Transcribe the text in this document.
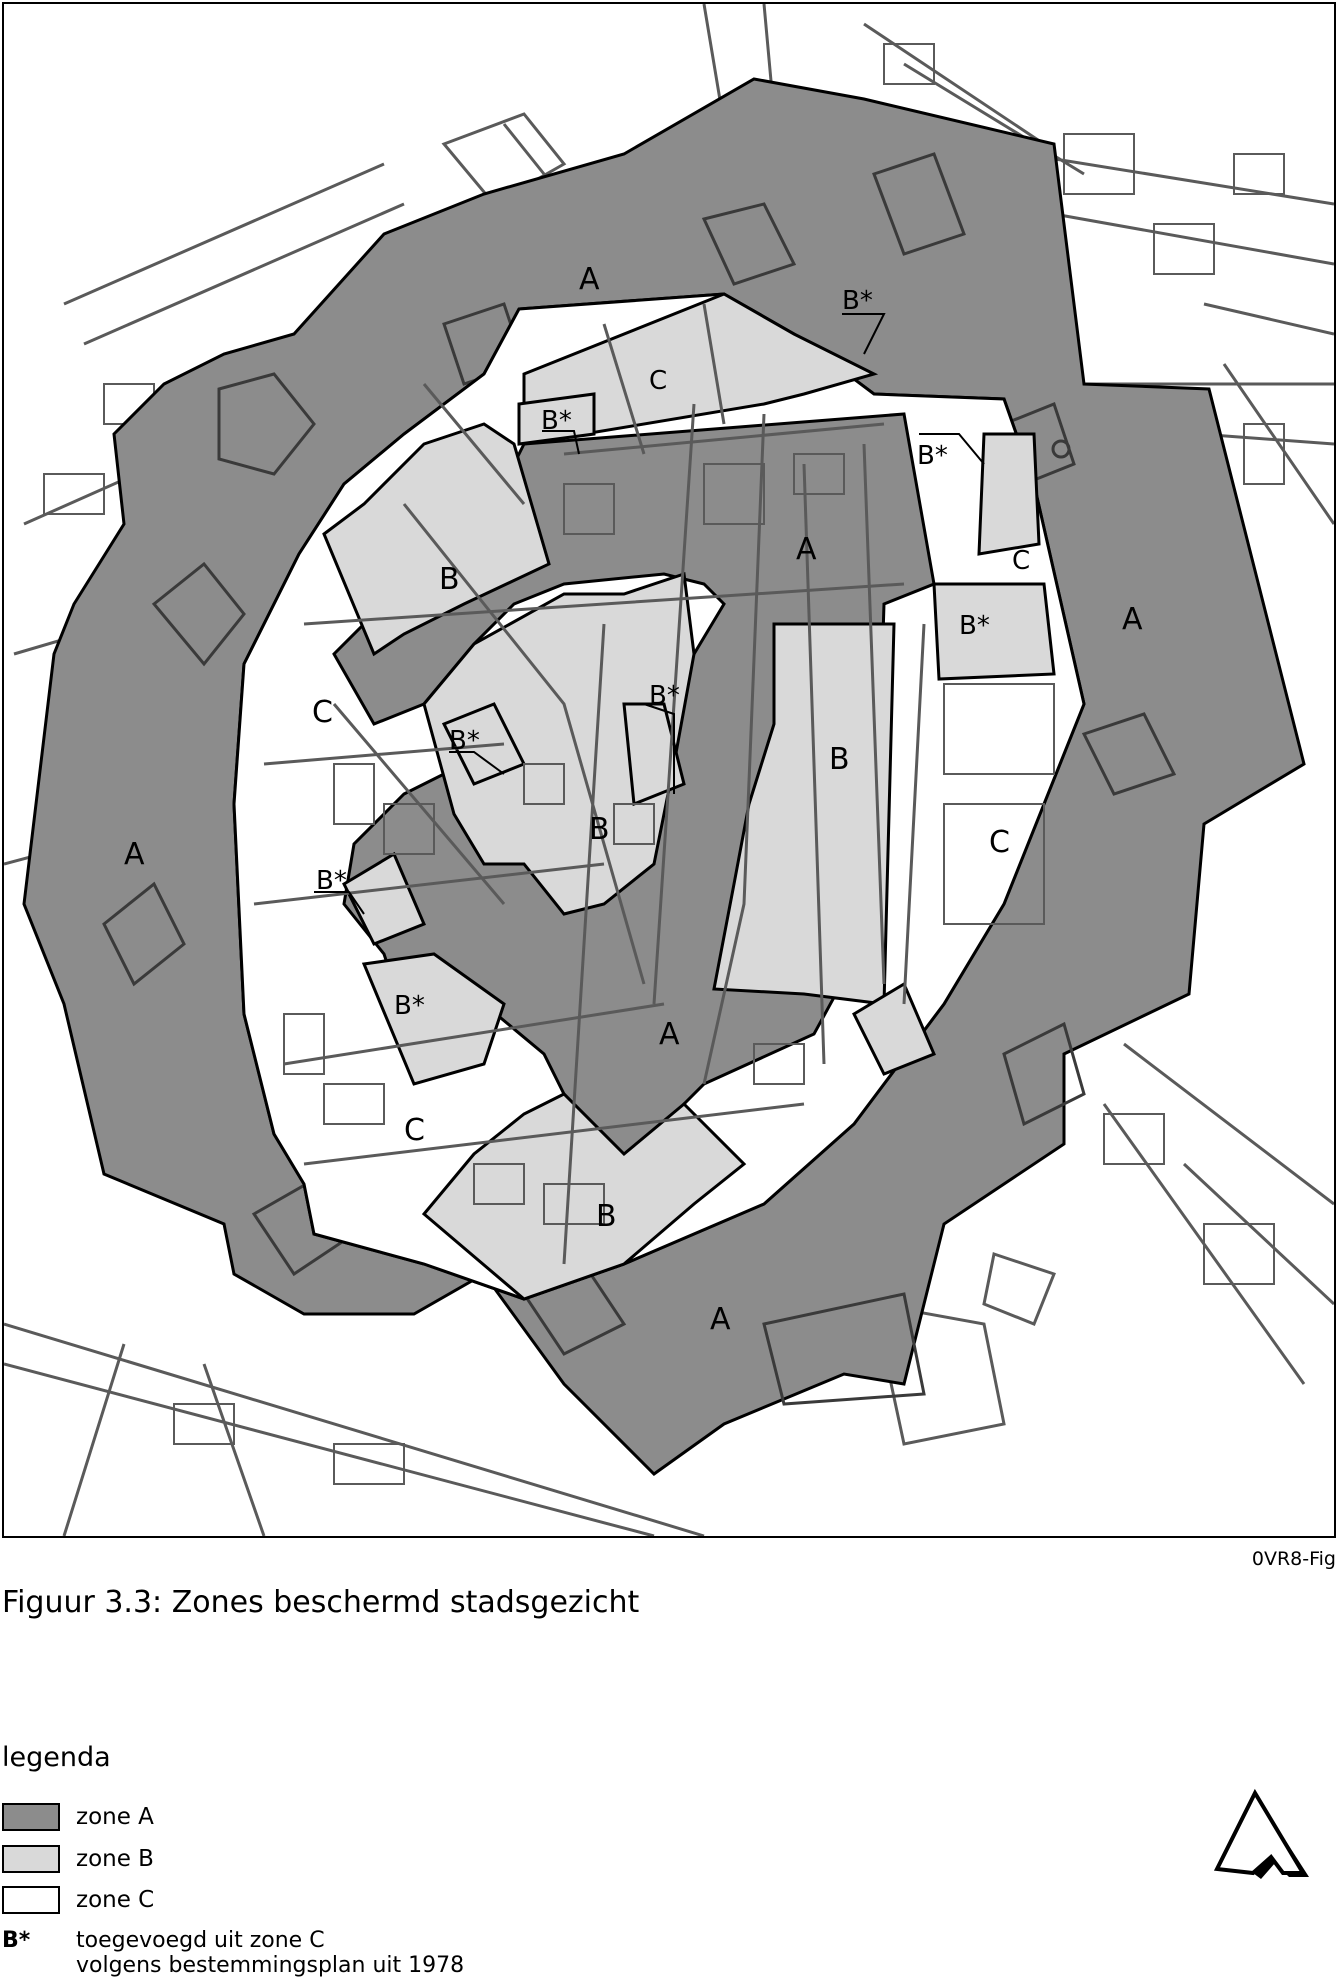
A
A
A
A
A
A
B
B
B
B
C
C
C
C
C
B*
B*
B*
B*
B*
B*
B*
B*
0VR8-Fig
Figuur 3.3: Zones beschermd stadsgezicht
legenda
zone A
zone B
zone C
B*	toegevoegd uit zone C
volgens bestemmingsplan uit 1978
